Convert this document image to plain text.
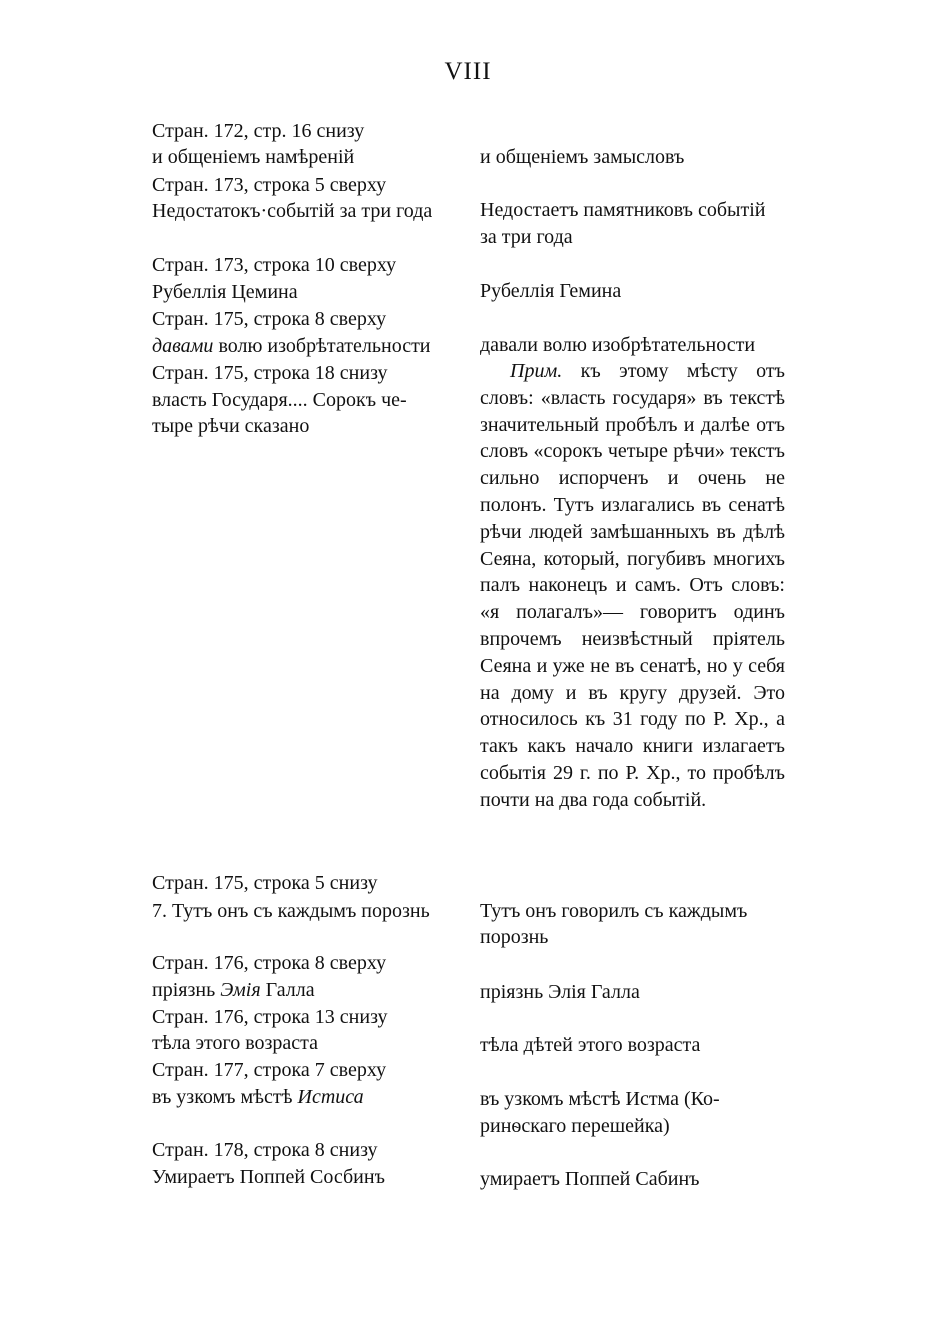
VIII
Стран. 172, стр. 16 снизу
и общеніемъ намѣреній
Стран. 173, строка 5 сверху
Недостатокъ·событій за три года
Стран. 173, строка 10 сверху
Рубеллія Цемина
Стран. 175, строка 8 сверху
давами волю изобрѣтательности
Стран. 175, строка 18 снизу
власть Государя.... Сорокъ че-
тыре рѣчи сказано
Стран. 175, строка 5 снизу
7. Тутъ онъ съ каждымъ порознь
Стран. 176, строка 8 сверху
пріязнь Эмія Галла
Стран. 176, строка 13 снизу
тѣла этого возраста
Стран. 177, строка 7 сверху
въ узкомъ мѣстѣ Истиса
Стран. 178, строка 8 снизу
Умираетъ Поппей Сосбинъ
и общеніемъ замысловъ
Недостаетъ памятниковъ событій
за три года
Рубеллія Гемина
давали волю изобрѣтательности

Прим. къ этому мѣсту отъ словъ: «власть государя» въ текстѣ значительный пробѣлъ и далѣе отъ словъ «сорокъ четыре рѣчи» текстъ сильно испорченъ и очень не полонъ. Тутъ излагались въ сенатѣ рѣчи людей замѣшанныхъ въ дѣлѣ Сеяна, который, погубивъ многихъ палъ наконецъ и самъ. Отъ словъ: «я полагалъ»— говоритъ одинъ впрочемъ неизвѣстный пріятель Сеяна и уже не въ сенатѣ, но у себя на дому и въ кругу друзей. Это относилось къ 31 году по Р. Хр., а такъ какъ начало книги излагаетъ событія 29 г. по Р. Хр., то пробѣлъ почти на два года событій.

Тутъ онъ говорилъ съ каждымъ
порознь
пріязнь Элія Галла
тѣла дѣтей этого возраста
въ узкомъ мѣстѣ Истма (Ко-
ринѳскаго перешейка)
умираетъ Поппей Сабинъ
